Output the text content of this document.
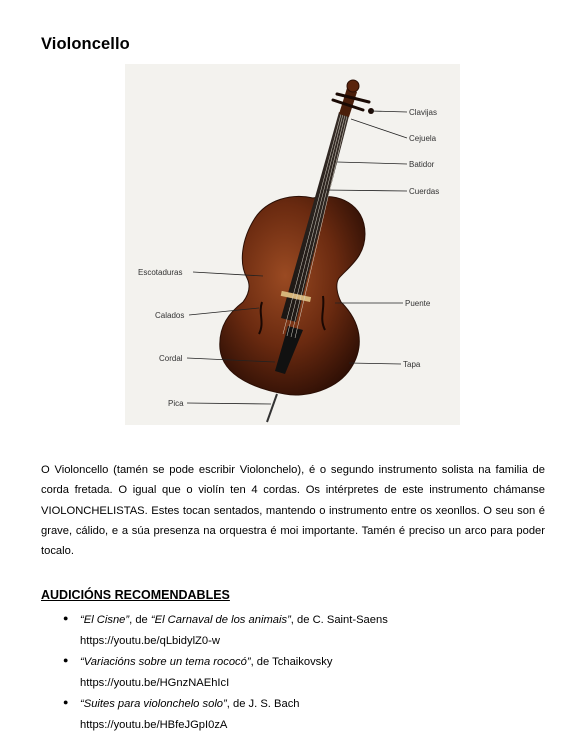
Violoncello
Clavijas
Cejuela
Batidor
Cuerdas
Escotaduras
Puente
Calados
Cordal
Tapa
Pica
O Violoncello (tamén se pode escribir Violonchelo), é o segundo instrumento solista na familia de corda fretada. O igual que o violín ten 4 cordas. Os intérpretes de este instrumento chámanse VIOLONCHELISTAS. Estes tocan sentados, mantendo o instrumento entre os xeonllos. O seu son é grave, cálido, e a súa presenza na orquestra é moi importante. Tamén é preciso un arco para poder tocalo.
AUDICIÓNS RECOMENDABLES
● “El Cisne”, de “El Carnaval de los animais”, de C. Saint-Saens
https://youtu.be/qLbidylZ0-w
● “Variacións sobre un tema rococó”, de Tchaikovsky
https://youtu.be/HGnzNAEhIcI
● “Suites para violonchelo solo”, de J. S. Bach
https://youtu.be/HBfeJGpI0zA
